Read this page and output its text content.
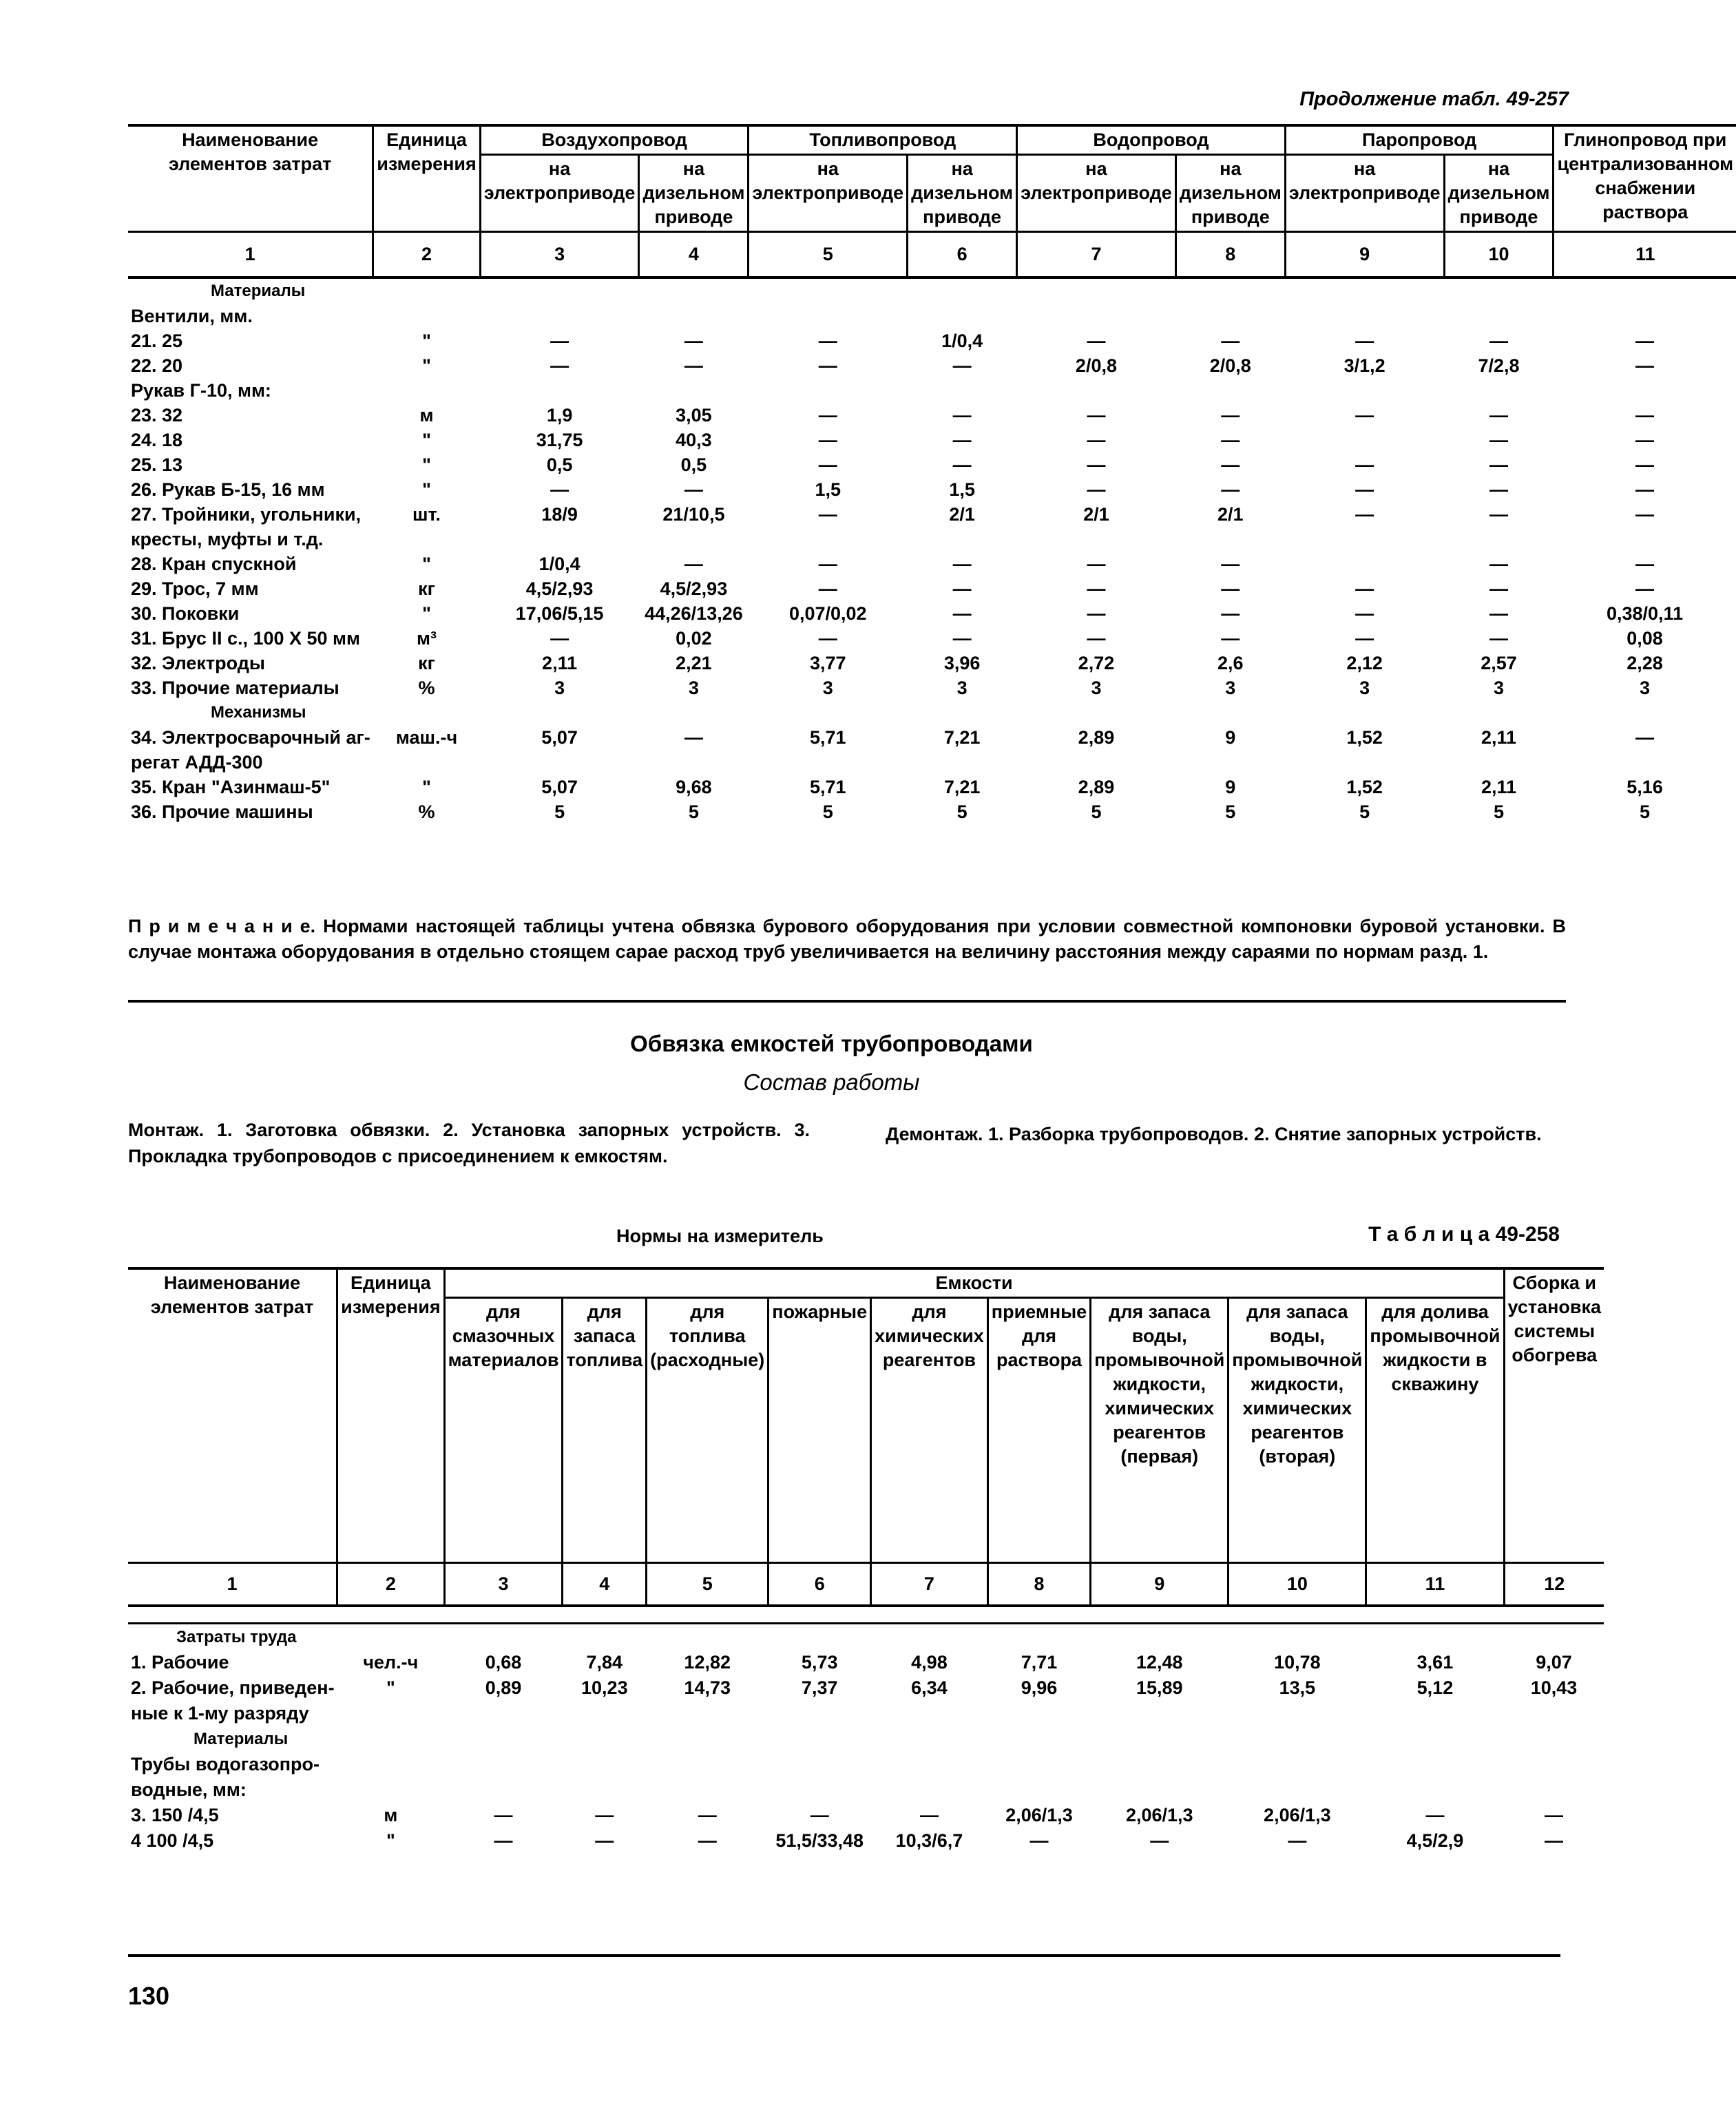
Продолжение табл. 49-257
Наименование элементов затрат	Единица измерения	Воздухопровод		Топливопровод		Водопровод		Паропровод		Глинопровод при централизованном снабжении раствора
		на электроприводе	на дизельном приводе	на электроприводе	на дизельном приводе	на электроприводе	на дизельном приводе	на электроприводе	на дизельном приводе	
1	2	3	4	5	6	7	8	9	10	11
Материалы										
Вентили, мм.										
21. 25	"	—	—	—	1/0,4	—	—	—	—	—
22. 20	"	—	—	—	—	2/0,8	2/0,8	3/1,2	7/2,8	—
Рукав Г-10, мм:										
23. 32	м	1,9	3,05	—	—	—	—	—	—	—
24. 18	"	31,75	40,3	—	—	—	—		—	—
25. 13	"	0,5	0,5	—	—	—	—	—	—	—
26. Рукав Б-15, 16 мм	"	—	—	1,5	1,5	—	—	—	—	—
27. Тройники, угольники,	шт.	18/9	21/10,5	—	2/1	2/1	2/1	—	—	—
кресты, муфты и т.д.										
28. Кран спускной	"	1/0,4	—	—	—	—	—		—	—
29. Трос, 7 мм	кг	4,5/2,93	4,5/2,93	—	—	—	—	—	—	—
30. Поковки	"	17,06/5,15	44,26/13,26	0,07/0,02	—	—	—	—	—	0,38/0,11
31. Брус II с., 100 X 50 мм	м³	—	0,02	—	—	—	—	—	—	0,08
32. Электроды	кг	2,11	2,21	3,77	3,96	2,72	2,6	2,12	2,57	2,28
33. Прочие материалы	%	3	3	3	3	3	3	3	3	3
Механизмы										
34. Электросварочный аг-	маш.-ч	5,07	—	5,71	7,21	2,89	9	1,52	2,11	—
регат АДД-300										
35. Кран "Азинмаш-5"	"	5,07	9,68	5,71	7,21	2,89	9	1,52	2,11	5,16
36. Прочие машины	%	5	5	5	5	5	5	5	5	5
П р и м е ч а н и е. Нормами настоящей таблицы учтена обвязка бурового оборудования при условии совместной компоновки буровой установки. В случае монтажа оборудования в отдельно стоящем сарае расход труб увеличивается на величину расстояния между сараями по нормам разд. 1.
Обвязка емкостей трубопроводами
Состав работы
Монтаж. 1. Заготовка обвязки. 2. Установка запорных устройств. 3. Прокладка трубопроводов с присоединением к емкостям.
Демонтаж. 1. Разборка трубопроводов. 2. Снятие запорных устройств.
Нормы на измеритель	Т а б л и ц а 49-258
Наименование элементов затрат	Единица измерения	Емкости									Сборка и установка системы обогрева
		для смазочных материалов	для запаса топлива	для топлива (расходные)	пожарные	для химических реагентов	приемные для раствора	для запаса воды, промывочной жидкости, химических реагентов (первая)	для запаса воды, промывочной жидкости, химических реагентов (вторая)	для долива промывочной жидкости в скважину	
1	2	3	4	5	6	7	8	9	10	11	12

Затраты труда											
1. Рабочие	чел.-ч	0,68	7,84	12,82	5,73	4,98	7,71	12,48	10,78	3,61	9,07
2. Рабочие, приведен-	"	0,89	10,23	14,73	7,37	6,34	9,96	15,89	13,5	5,12	10,43
ные к 1-му разряду											
Материалы											
Трубы водогазопро-											
водные, мм:											
3. 150 /4,5	м	—	—	—	—	—	2,06/1,3	2,06/1,3	2,06/1,3	—	—
4 100 /4,5	"	—	—	—	51,5/33,48	10,3/6,7	—	—	—	4,5/2,9	—
130
